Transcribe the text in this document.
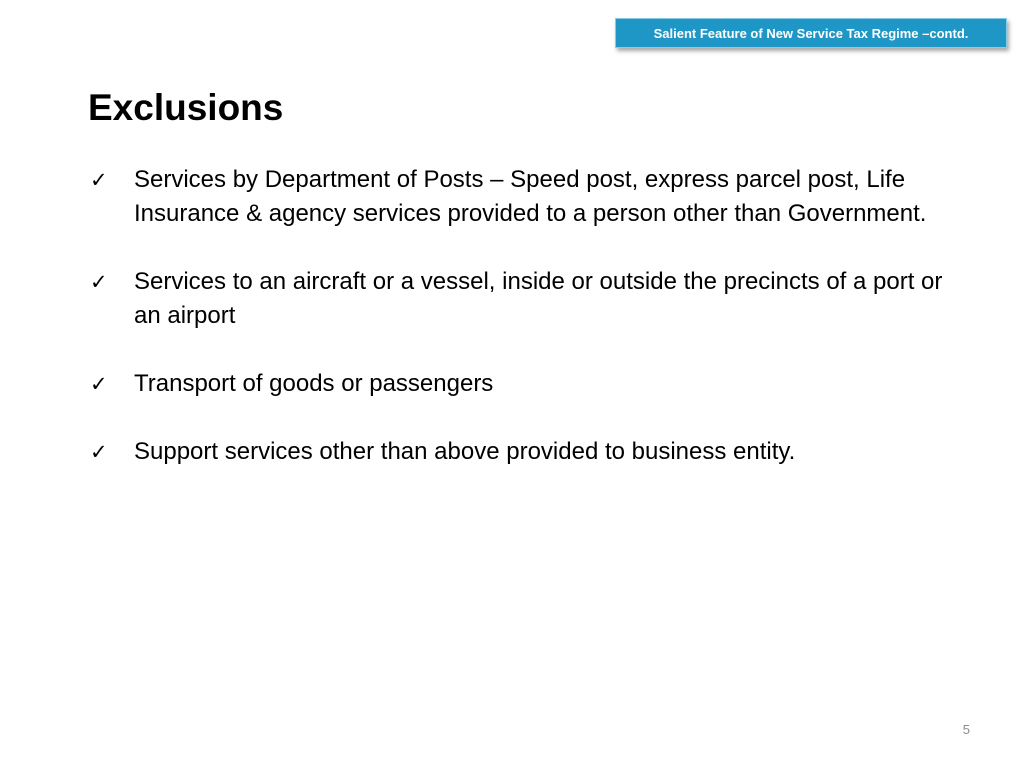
Salient Feature of New Service Tax Regime –contd.
Exclusions
✓ Services by Department of Posts – Speed post, express parcel post, Life Insurance & agency services provided to a person other than Government.
✓ Services to an aircraft or a vessel, inside or outside the precincts of a port or an airport
✓ Transport of goods or passengers
✓ Support services other than above provided to business entity.
5
